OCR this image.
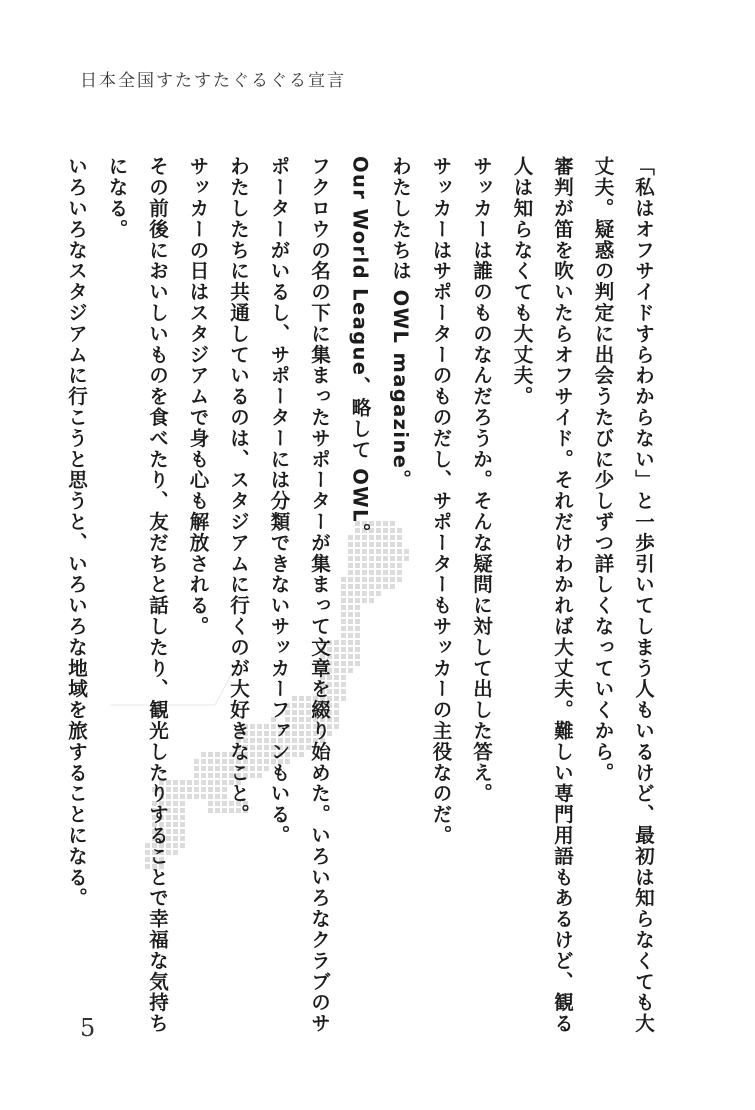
日本全国すたすたぐるぐる宣言

「私はオフサイドすらわからない」と一歩引いてしまう人もいるけど、最初は知らなくても大丈夫。疑惑の判定に出会うたびに少しずつ詳しくなっていくから。

審判が笛を吹いたらオフサイド。それだけわかれば大丈夫。難しい専門用語もあるけど、観る人は知らなくても大丈夫。

サッカーは誰のものなんだろうか。そんな疑問に対して出した答え。

サッカーはサポーターのものだし、サポーターもサッカーの主役なのだ。

わたしたちは OWL magazine。

Our World League、略して OWL。

フクロウの名の下に集まったサポーターが集まって文章を綴り始めた。いろいろなクラブのサポーターがいるし、サポーターには分類できないサッカーファンもいる。

わたしたちに共通しているのは、スタジアムに行くのが大好きなこと。

サッカーの日はスタジアムで身も心も解放される。

その前後においしいものを食べたり、友だちと話したり、観光したりすることで幸福な気持ちになる。

いろいろなスタジアムに行こうと思うと、いろいろな地域を旅することになる。

5
